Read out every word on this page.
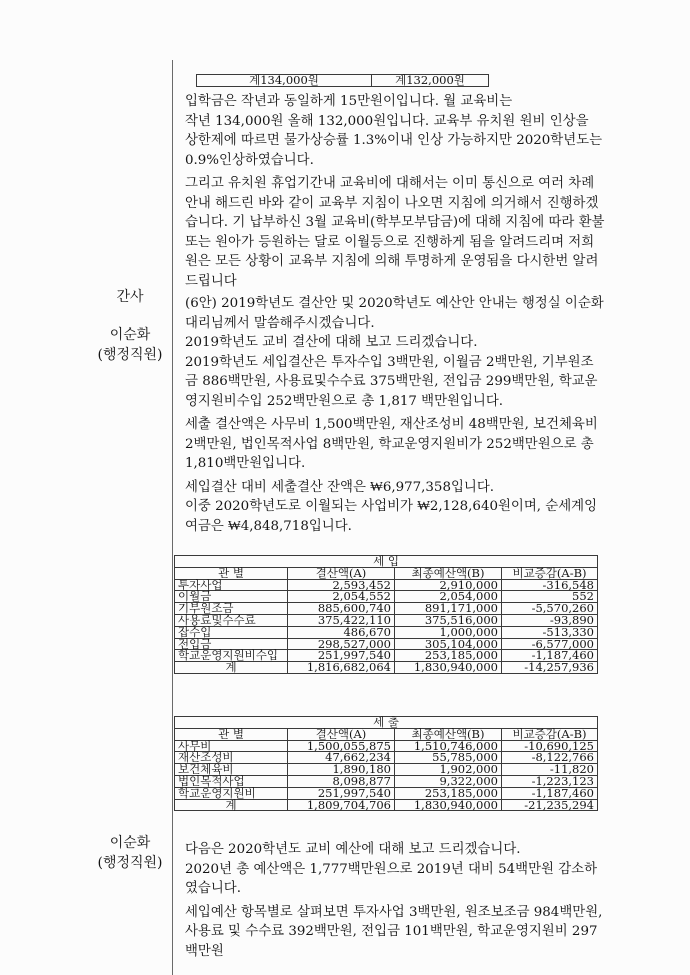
간사
이순화
(행정직원)
이순화
(행정직원)
계134,000원	계132,000원

입학금은 작년과 동일하게 15만원이입니다. 월 교육비는

작년 134,000원 올해 132,000원입니다. 교육부 유치원 원비 인상을 상한제에 따르면 물가상승률 1.3%이내 인상 가능하지만 2020학년도는 0.9%인상하였습니다.

그리고 유치원 휴업기간내 교육비에 대해서는 이미 통신으로 여러 차례 안내 해드린 바와 같이 교육부 지침이 나오면 지침에 의거해서 진행하겠습니다. 기 납부하신 3월 교육비(학부모부담금)에 대해 지침에 따라 환불 또는 원아가 등원하는 달로 이월등으로 진행하게 됨을 알려드리며 저희원은 모든 상황이 교육부 지침에 의해 투명하게 운영됨을 다시한번 알려드립니다

(6안) 2019학년도 결산안 및 2020학년도 예산안 안내는 행정실 이순화 대리님께서 말씀해주시겠습니다.

2019학년도 교비 결산에 대해 보고 드리겠습니다.

2019학년도 세입결산은 투자수입 3백만원, 이월금 2백만원, 기부원조금 886백만원, 사용료및수수료 375백만원, 전입금 299백만원, 학교운영지원비수입 252백만원으로 총 1,817 백만원입니다.

세출 결산액은 사무비 1,500백만원, 재산조성비 48백만원, 보건체육비 2백만원, 법인목적사업 8백만원, 학교운영지원비가 252백만원으로 총 1,810백만원입니다.

세입결산 대비 세출결산 잔액은 ₩6,977,358입니다.

이중 2020학년도로 이월되는 사업비가 ₩2,128,640원이며, 순세계잉여금은 ₩4,848,718입니다.

세 입			
관 별	결산액(A)	최종예산액(B)	비교증감(A-B)
투자사업	2,593,452	2,910,000	-316,548
이월금	2,054,552	2,054,000	552
기부원조금	885,600,740	891,171,000	-5,570,260
사용료및수수료	375,422,110	375,516,000	-93,890
잡수입	486,670	1,000,000	-513,330
전입금	298,527,000	305,104,000	-6,577,000
학교운영지원비수입	251,997,540	253,185,000	-1,187,460
계	1,816,682,064	1,830,940,000	-14,257,936
세 출			
관 별	결산액(A)	최종예산액(B)	비교증감(A-B)
사무비	1,500,055,875	1,510,746,000	-10,690,125
재산조성비	47,662,234	55,785,000	-8,122,766
보건체육비	1,890,180	1,902,000	-11,820
법인목적사업	8,098,877	9,322,000	-1,223,123
학교운영지원비	251,997,540	253,185,000	-1,187,460
계	1,809,704,706	1,830,940,000	-21,235,294

다음은 2020학년도 교비 예산에 대해 보고 드리겠습니다.

2020년 총 예산액은 1,777백만원으로 2019년 대비 54백만원 감소하였습니다.

세입예산 항목별로 살펴보면 투자사업 3백만원, 원조보조금 984백만원, 사용료 및 수수료 392백만원, 전입금 101백만원, 학교운영지원비 297백만원
